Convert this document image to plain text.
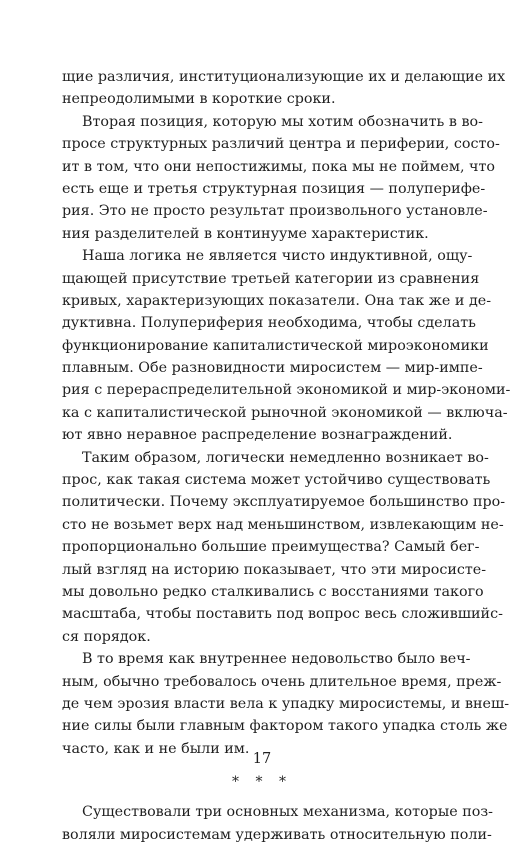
щие различия, институционализующие их и делающие их
непреодолимыми в короткие сроки.
Вторая позиция, которую мы хотим обозначить в во-
просе структурных различий центра и периферии, состо-
ит в том, что они непостижимы, пока мы не поймем, что
есть еще и третья структурная позиция — полуперифе-
рия. Это не просто результат произвольного установле-
ния разделителей в континууме характеристик.
Наша логика не является чисто индуктивной, ощу-
щающей присутствие третьей категории из сравнения
кривых, характеризующих показатели. Она так же и де-
дуктивна. Полупериферия необходима, чтобы сделать
функционирование капиталистической мироэкономики
плавным. Обе разновидности миросистем — мир-импе-
рия с перераспределительной экономикой и мир-экономи-
ка с капиталистической рыночной экономикой — включа-
ют явно неравное распределение вознаграждений.
Таким образом, логически немедленно возникает во-
прос, как такая система может устойчиво существовать
политически. Почему эксплуатируемое большинство про-
сто не возьмет верх над меньшинством, извлекающим не-
пропорционально большие преимущества? Самый бег-
лый взгляд на историю показывает, что эти миросисте-
мы довольно редко сталкивались с восстаниями такого
масштаба, чтобы поставить под вопрос весь сложившийс-
ся порядок.
В то время как внутреннее недовольство было веч-
ным, обычно требовалось очень длительное время, преж-
де чем эрозия власти вела к упадку миросистемы, и внеш-
ние силы были главным фактором такого упадка столь же
часто, как и не были им.
* * *
Существовали три основных механизма, которые поз-
воляли миросистемам удерживать относительную поли-
17
